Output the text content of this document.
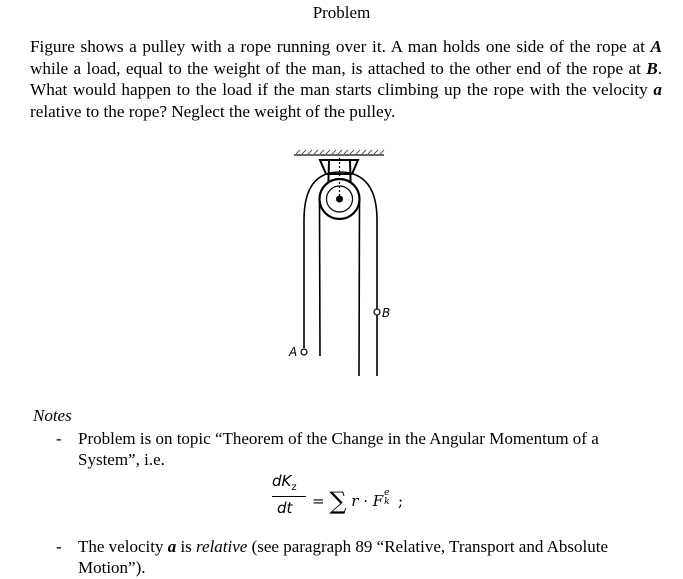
Problem
Figure shows a pulley with a rope running over it. A man holds one side of the rope at A while a load, equal to the weight of the man, is attached to the other end of the rope at B. What would happen to the load if the man starts climbing up the rope with the velocity a relative to the rope? Neglect the weight of the pulley.
B
A
Notes
- Problem is on topic “Theorem of the Change in the Angular Momentum of a System”, i.e.
$dK_z$
dt = ∑ r · F e
k ;
- The velocity a is relative (see paragraph 89 “Relative, Transport and Absolute Motion”).
